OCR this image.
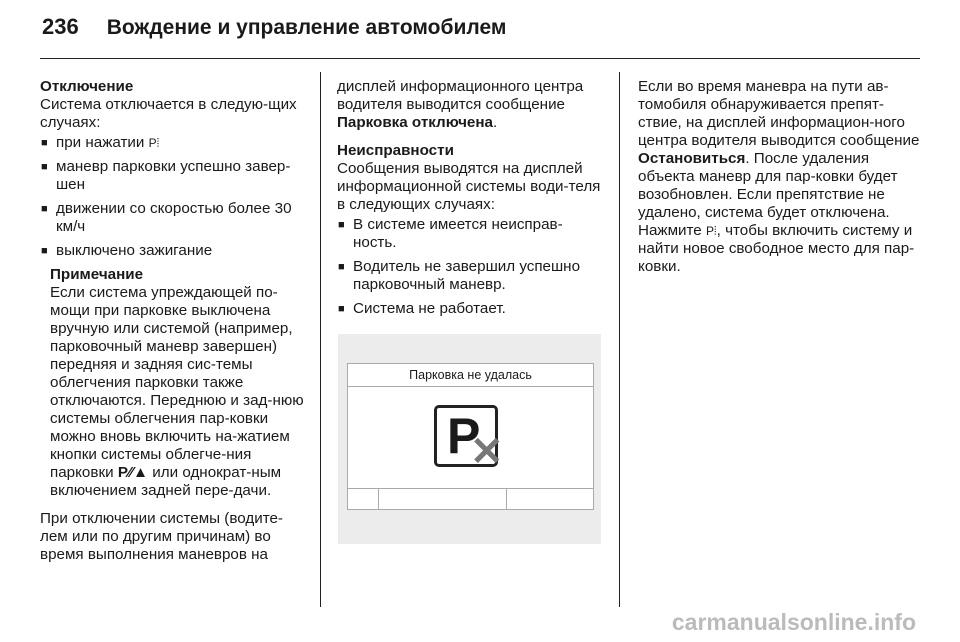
236 Вождение и управление автомобилем

Отключение

Система отключается в следую-щих случаях:

■ при нажатии P⦙
■ маневр парковки успешно завер-шен
■ движении со скоростью более 30 км/ч
■ выключено зажигание

Примечание

Если система упреждающей по-мощи при парковке выключена вручную или системой (например, парковочный маневр завершен) передняя и задняя сис-темы облегчения парковки также отключаются. Переднюю и зад-нюю системы облегчения пар-ковки можно вновь включить на-жатием кнопки системы облегче-ния парковки P⁄⁄▲ или однократ-ным включением задней пере-дачи.

При отключении системы (водите-лем или по другим причинам) во время выполнения маневров на

дисплей информационного центра водителя выводится сообщение Парковка отключена.

Неисправности

Сообщения выводятся на дисплей информационной системы води-теля в следующих случаях:

■ В системе имеется неисправ-ность.
■ Водитель не завершил успешно парковочный маневр.
■ Система не работает.
Парковка не удалась
P
✕

Если во время маневра на пути ав-томобиля обнаруживается препят-ствие, на дисплей информацион-ного центра водителя выводится сообщение Остановиться. После удаления объекта маневр для пар-ковки будет возобновлен. Если препятствие не удалено, система будет отключена. Нажмите P⦙, чтобы включить систему и найти новое свободное место для пар-ковки.

carmanualsonline.info
